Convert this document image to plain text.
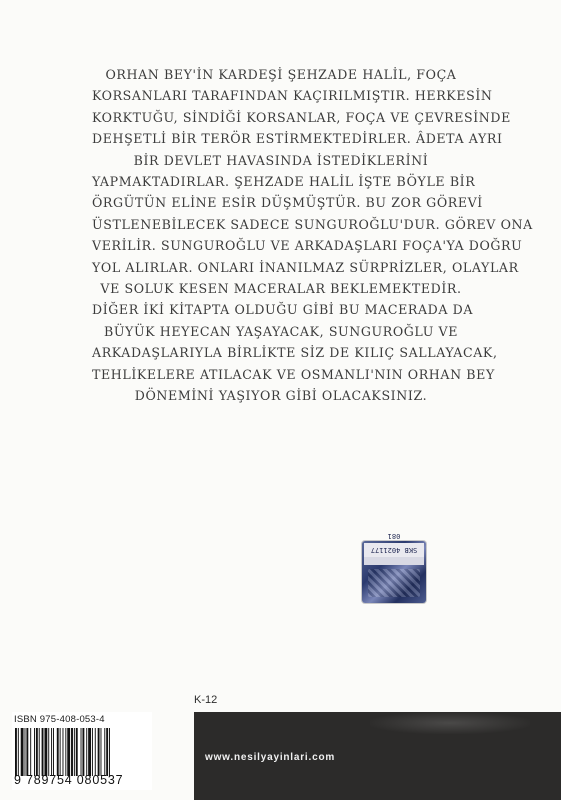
ORHAN BEY'İN KARDEŞİ ŞEHZADE HALİL, FOÇA
KORSANLARI TARAFINDAN KAÇIRILMIŞTIR. HERKESİN
KORKTUĞU, SİNDİĞİ KORSANLAR, FOÇA VE ÇEVRESİNDE
DEHŞETLİ BİR TERÖR ESTİRMEKTEDİRLER. ÂDETA AYRI
BİR DEVLET HAVASINDA İSTEDİKLERİNİ
YAPMAKTADIRLAR. ŞEHZADE HALİL İŞTE BÖYLE BİR
ÖRGÜTÜN ELİNE ESİR DÜŞMÜŞTÜR. BU ZOR GÖREVİ
ÜSTLENEBİLECEK SADECE SUNGUROĞLU'DUR. GÖREV ONA
VERİLİR. SUNGUROĞLU VE ARKADAŞLARI FOÇA'YA DOĞRU
YOL ALIRLAR. ONLARI İNANILMAZ SÜRPRİZLER, OLAYLAR
VE SOLUK KESEN MACERALAR BEKLEMEKTEDİR.
DİĞER İKİ KİTAPTA OLDUĞU GİBİ BU MACERADA DA
BÜYÜK HEYECAN YAŞAYACAK, SUNGUROĞLU VE
ARKADAŞLARIYLA BİRLİKTE SİZ DE KILIÇ SALLAYACAK,
TEHLİKELERE ATILACAK VE OSMANLI'NIN ORHAN BEY
DÖNEMİNİ YAŞIYOR GİBİ OLACAKSINIZ.
SKB 4021177 081
K-12
www.nesilyayinlari.com
ISBN 975-408-053-4
9 789754 080537
